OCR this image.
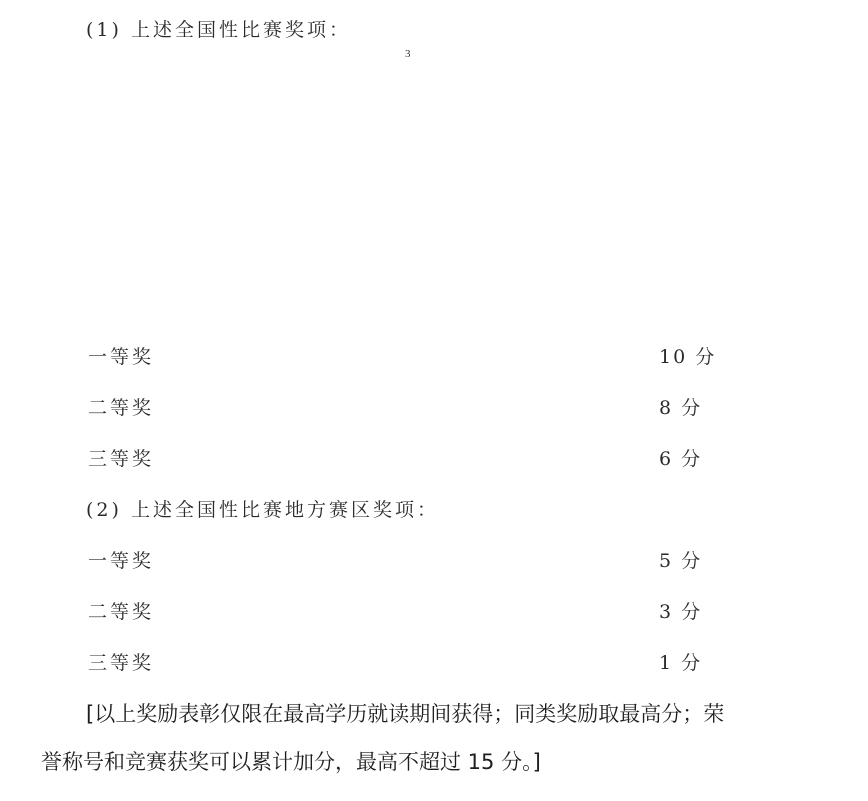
(1) 上述全国性比赛奖项：
3
一等奖	10 分
二等奖	8 分
三等奖	6 分
(2) 上述全国性比赛地方赛区奖项：
一等奖	5 分
二等奖	3 分
三等奖	1 分
[以上奖励表彰仅限在最高学历就读期间获得；同类奖励取最高分；荣
誉称号和竞赛获奖可以累计加分，最高不超过 15 分。]
